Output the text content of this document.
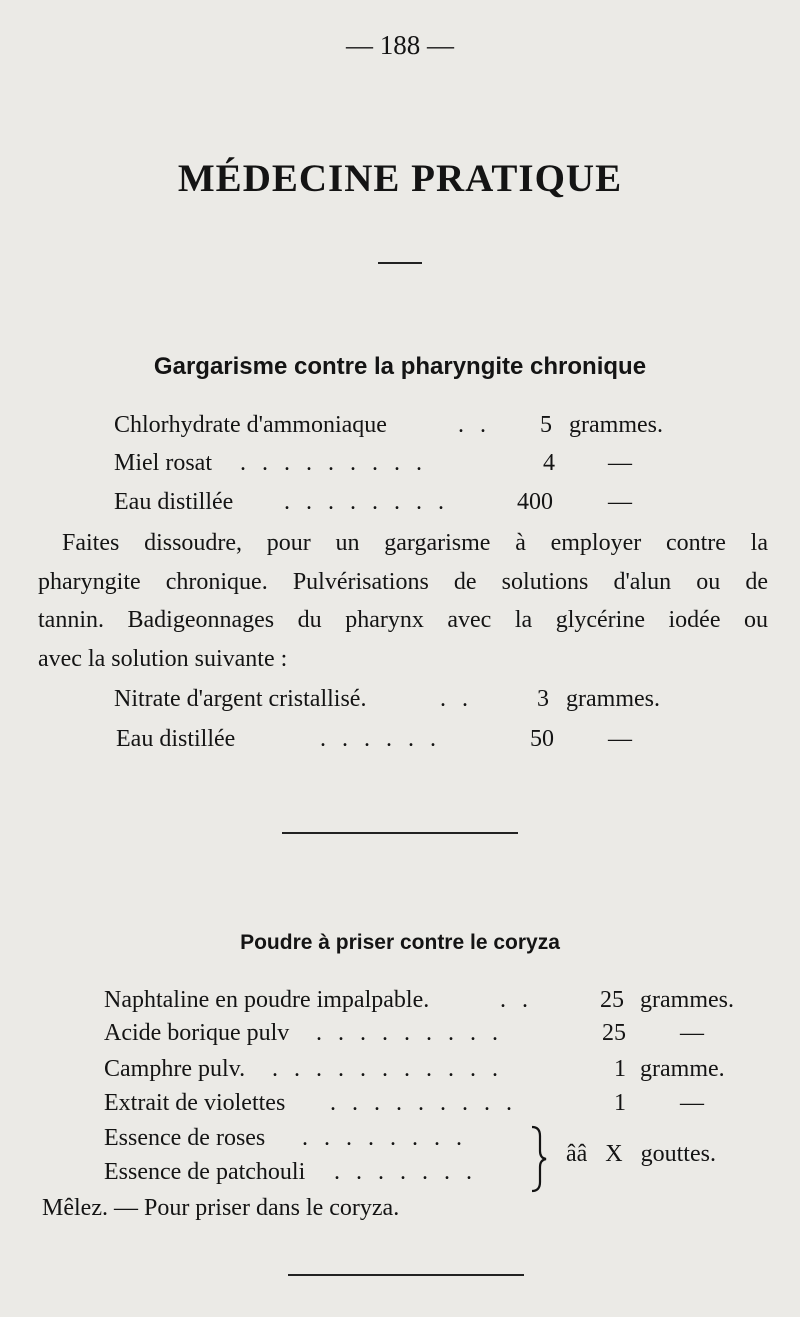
— 188 —
MÉDECINE PRATIQUE
Gargarisme contre la pharyngite chronique
Chlorhydrate d'ammoniaque	. . 5 grammes.
Miel rosat . . . . . . . . .	4 —
Eau distillée . . . . . . . .	400 —
Faites dissoudre, pour un gargarisme à employer contre la
pharyngite chronique. Pulvérisations de solutions d'alun ou de
tannin. Badigeonnages du pharynx avec la glycérine iodée ou
avec la solution suivante :
Nitrate d'argent cristallisé.	. .	3 grammes.
Eau distillée	. . . . . .	50 —
Poudre à priser contre le coryza
Naphtaline en poudre impalpable.	. .	25 grammes.
Acide borique pulv . . . . . . . . .	25 —
Camphre pulv. . . . . . . . . . . .	1 gramme.
Extrait de violettes . . . . . . . . .	1 —
Essence de roses . . . . . . . .
Essence de patchouli . . . . . . .
ââ   X   gouttes.
Mêlez. — Pour priser dans le coryza.
